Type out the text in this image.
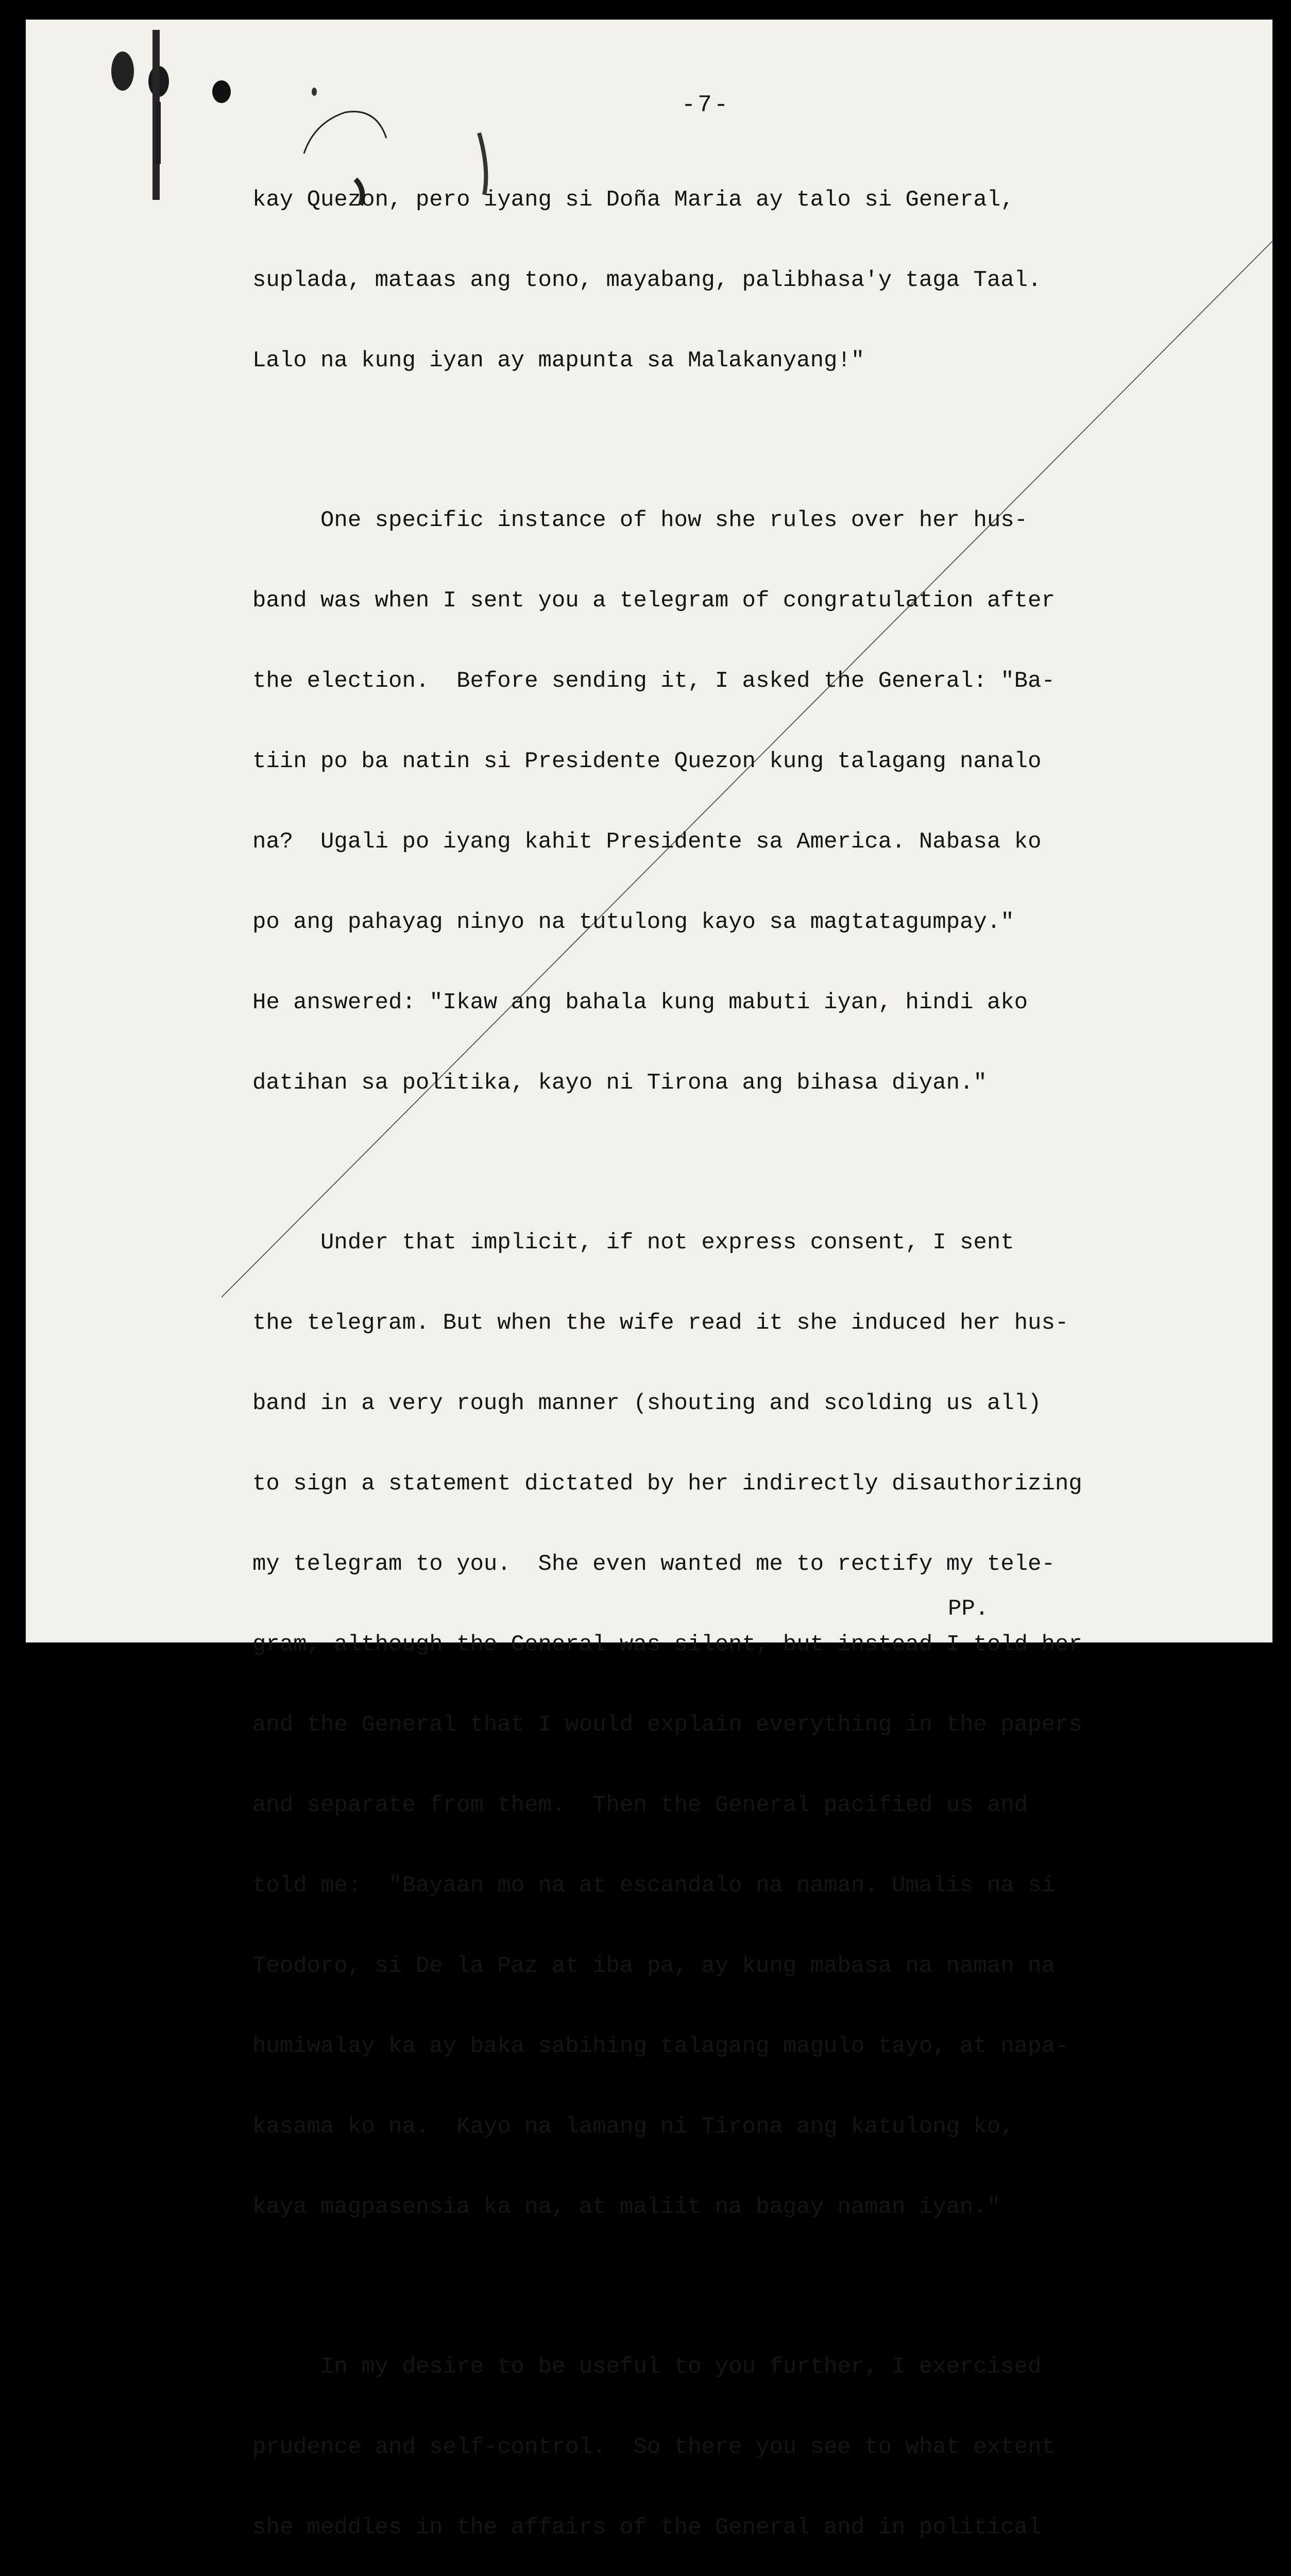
-7-

kay Quezon, pero iyang si Doña Maria ay talo si General,

suplada, mataas ang tono, mayabang, palibhasa'y taga Taal.

Lalo na kung iyan ay mapunta sa Malakanyang!"

One specific instance of how she rules over her hus-

band was when I sent you a telegram of congratulation after

the election.  Before sending it, I asked the General: "Ba-

tiin po ba natin si Presidente Quezon kung talagang nanalo

na?  Ugali po iyang kahit Presidente sa America. Nabasa ko

po ang pahayag ninyo na tutulong kayo sa magtatagumpay."

He answered: "Ikaw ang bahala kung mabuti iyan, hindi ako

datihan sa politika, kayo ni Tirona ang bihasa diyan."

Under that implicit, if not express consent, I sent

the telegram. But when the wife read it she induced her hus-

band in a very rough manner (shouting and scolding us all)

to sign a statement dictated by her indirectly disauthorizing

my telegram to you.  She even wanted me to rectify my tele-

gram, although the General was silent, but instead I told her

and the General that I would explain everything in the papers

and separate from them.  Then the General pacified us and

told me:  "Bayaan mo na at escandalo na naman. Umalis na si

Teodoro, si De la Paz at iba pa, ay kung mabasa na naman na

humiwalay ka ay baka sabihing talagang magulo tayo, at napa-

kasama ko na.  Kayo na lamang ni Tirona ang katulong ko,

kaya magpasensia ka na, at maliit na bagay naman iyan."

In my desire to be useful to you further, I exercised

prudence and self-control.  So there you see to what extent

she meddles in the affairs of the General and in political

PP.
